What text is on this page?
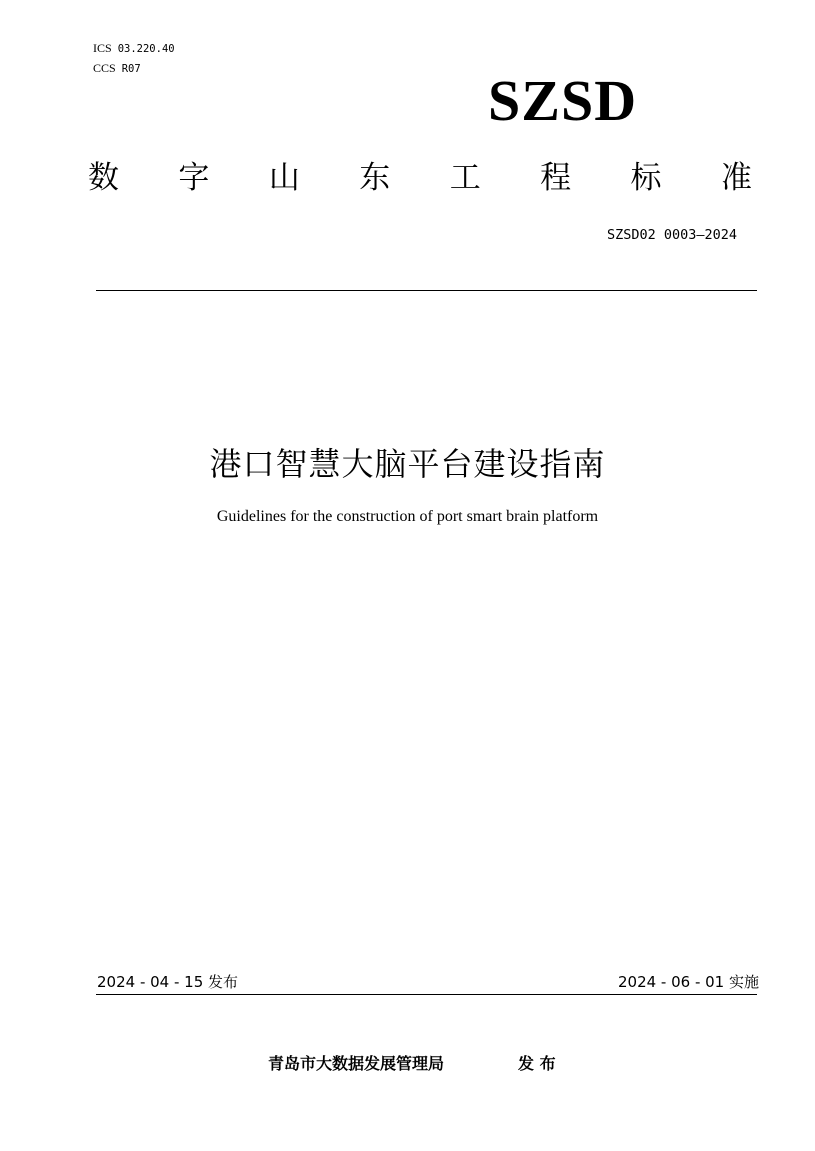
ICS 03.220.40
CCS R07	SZSD
数 字 山 东 工 程 标 准
SZSD02 0003—2024
港口智慧大脑平台建设指南
Guidelines for the construction of port smart brain platform
2024 - 04 - 15 发布	2024 - 06 - 01 实施
青岛市大数据发展管理局	发 布
